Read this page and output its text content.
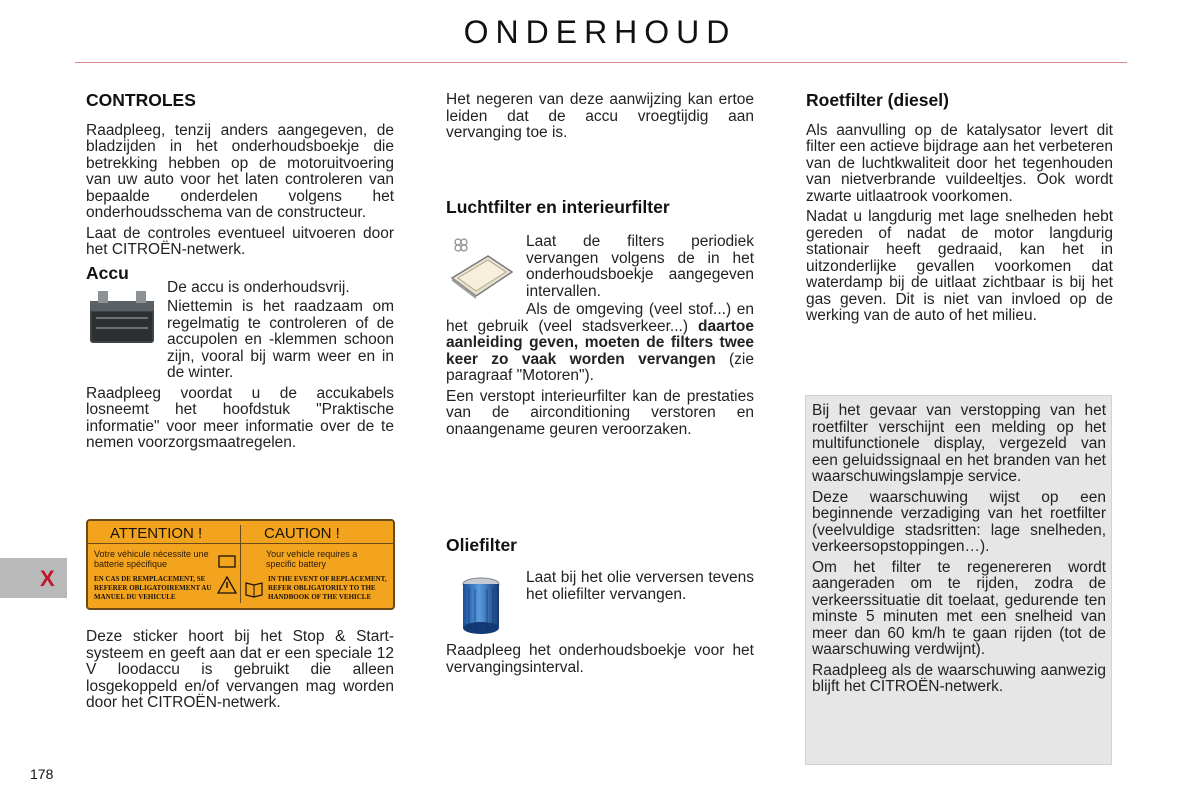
ONDERHOUD
X
178
CONTROLES

Raadpleeg, tenzij anders aangegeven, de bladzijden in het onderhoudsboekje die betrekking hebben op de motoruitvoering van uw auto voor het laten controleren van bepaalde onderdelen volgens het onderhoudsschema van de constructeur.

Laat de controles eventueel uitvoeren door het CITROËN-netwerk.

Accu

De accu is onderhoudsvrij.

Niettemin is het raadzaam om regelmatig te controleren of de accupolen en -klemmen schoon zijn, vooral bij warm weer en in de winter.

Raadpleeg voordat u de accukabels losneemt het hoofdstuk "Praktische informatie" voor meer informatie over de te nemen voorzorgsmaatregelen.

ATTENTION !
Votre véhicule nécessite une batterie spécifique
EN CAS DE REMPLACEMENT, SE REFERER OBLIGATOIREMENT AU MANUEL DU VEHICULE
CAUTION !
Your vehicle requires a specific battery
IN THE EVENT OF REPLACEMENT, REFER OBLIGATORILY TO THE HANDBOOK OF THE VEHICLE

Deze sticker hoort bij het Stop & Start-systeem en geeft aan dat er een speciale 12 V loodaccu is gebruikt die alleen losgekoppeld en/of vervangen mag worden door het CITROËN-netwerk.

Het negeren van deze aanwijzing kan ertoe leiden dat de accu vroegtijdig aan vervanging toe is.

Luchtfilter en interieurfilter

Laat de filters periodiek vervangen volgens de in het onderhoudsboekje aangegeven intervallen.

Als de omgeving (veel stof...) en het gebruik (veel stadsverkeer...) daartoe aanleiding geven, moeten de filters twee keer zo vaak worden vervangen (zie paragraaf "Motoren").

Een verstopt interieurfilter kan de prestaties van de airconditioning verstoren en onaangename geuren veroorzaken.

Oliefilter

Laat bij het olie verversen tevens het oliefilter vervangen.

Raadpleeg het onderhoudsboekje voor het vervangingsinterval.

Roetfilter (diesel)

Als aanvulling op de katalysator levert dit filter een actieve bijdrage aan het verbeteren van de luchtkwaliteit door het tegenhouden van nietverbrande vuildeeltjes. Ook wordt zwarte uitlaatrook voorkomen.

Nadat u langdurig met lage snelheden hebt gereden of nadat de motor langdurig stationair heeft gedraaid, kan het in uitzonderlijke gevallen voorkomen dat waterdamp bij de uitlaat zichtbaar is bij het gas geven. Dit is niet van invloed op de werking van de auto of het milieu.

Bij het gevaar van verstopping van het roetfilter verschijnt een melding op het multifunctionele display, vergezeld van een geluidssignaal en het branden van het waarschuwingslampje service.

Deze waarschuwing wijst op een beginnende verzadiging van het roetfilter (veelvuldige stadsritten: lage snelheden, verkeersopstoppingen…).

Om het filter te regenereren wordt aangeraden om te rijden, zodra de verkeerssituatie dit toelaat, gedurende ten minste 5 minuten met een snelheid van meer dan 60 km/h te gaan rijden (tot de waarschuwing verdwijnt).

Raadpleeg als de waarschuwing aanwezig blijft het CITROËN-netwerk.
